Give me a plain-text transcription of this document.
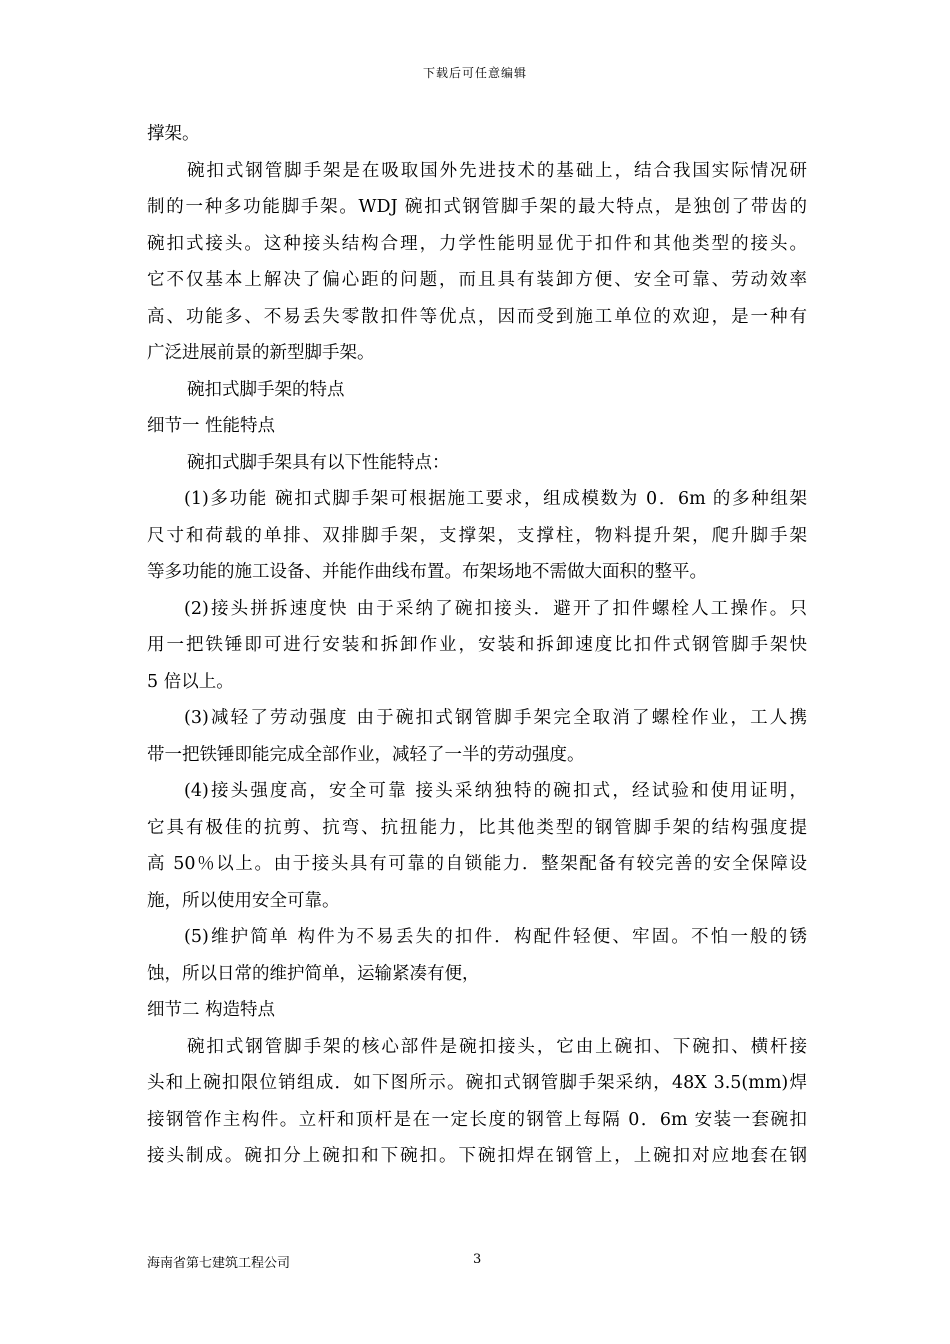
下载后可任意编辑
撑架。
碗扣式钢管脚手架是在吸取国外先进技术的基础上，结合我国实际情况研
制的一种多功能脚手架。WDJ 碗扣式钢管脚手架的最大特点，是独创了带齿的
碗扣式接头。这种接头结构合理，力学性能明显优于扣件和其他类型的接头。
它不仅基本上解决了偏心距的问题，而且具有装卸方便、安全可靠、劳动效率
高、功能多、不易丢失零散扣件等优点，因而受到施工单位的欢迎，是一种有
广泛进展前景的新型脚手架。
碗扣式脚手架的特点
细节一 性能特点
碗扣式脚手架具有以下性能特点：
(1)多功能 碗扣式脚手架可根据施工要求，组成模数为 0．6m 的多种组架
尺寸和荷载的单排、双排脚手架，支撑架，支撑柱，物料提升架，爬升脚手架
等多功能的施工设备、并能作曲线布置。布架场地不需做大面积的整平。
(2)接头拼拆速度快 由于采纳了碗扣接头．避开了扣件螺栓人工操作。只
用一把铁锤即可进行安装和拆卸作业，安装和拆卸速度比扣件式钢管脚手架快
5 倍以上。
(3)减轻了劳动强度 由于碗扣式钢管脚手架完全取消了螺栓作业，工人携
带一把铁锤即能完成全部作业，减轻了一半的劳动强度。
(4)接头强度高，安全可靠 接头采纳独特的碗扣式，经试验和使用证明，
它具有极佳的抗剪、抗弯、抗扭能力，比其他类型的钢管脚手架的结构强度提
高 50％以上。由于接头具有可靠的自锁能力．整架配备有较完善的安全保障设
施，所以使用安全可靠。
(5)维护简单 构件为不易丢失的扣件．构配件轻便、牢固。不怕一般的锈
蚀，所以日常的维护简单，运输紧凑有便，
细节二 构造特点
碗扣式钢管脚手架的核心部件是碗扣接头，它由上碗扣、下碗扣、横杆接
头和上碗扣限位销组成．如下图所示。碗扣式钢管脚手架采纳，48X 3.5(mm)焊
接钢管作主构件。立杆和顶杆是在一定长度的钢管上每隔 0．6m 安装一套碗扣
接头制成。碗扣分上碗扣和下碗扣。下碗扣焊在钢管上，上碗扣对应地套在钢
海南省第七建筑工程公司	3
